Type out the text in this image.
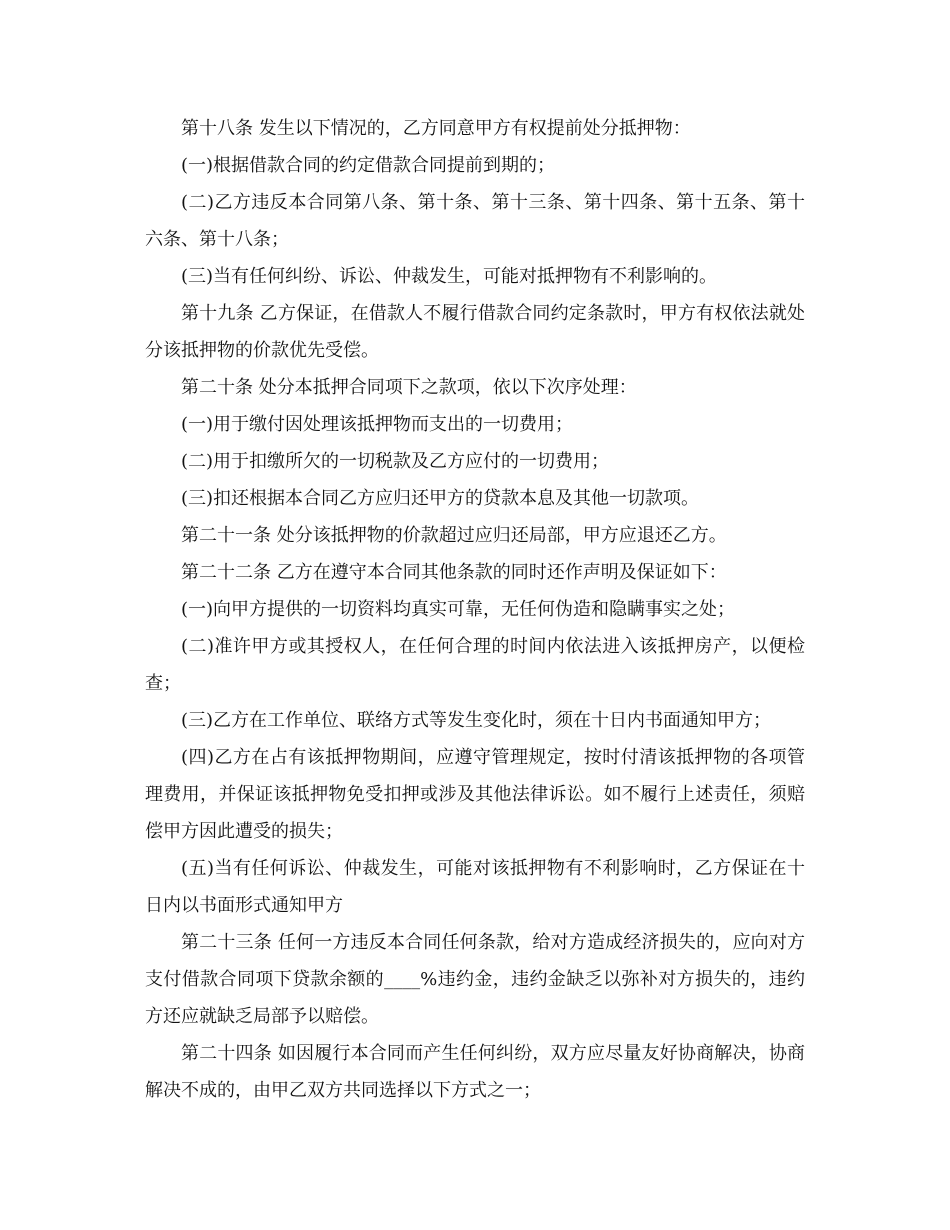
第十八条 发生以下情况的，乙方同意甲方有权提前处分抵押物：

(一)根据借款合同的约定借款合同提前到期的；

(二)乙方违反本合同第八条、第十条、第十三条、第十四条、第十五条、第十六条、第十八条；

(三)当有任何纠纷、诉讼、仲裁发生，可能对抵押物有不利影响的。

第十九条 乙方保证，在借款人不履行借款合同约定条款时，甲方有权依法就处分该抵押物的价款优先受偿。

第二十条 处分本抵押合同项下之款项，依以下次序处理：

(一)用于缴付因处理该抵押物而支出的一切费用；

(二)用于扣缴所欠的一切税款及乙方应付的一切费用；

(三)扣还根据本合同乙方应归还甲方的贷款本息及其他一切款项。

第二十一条 处分该抵押物的价款超过应归还局部，甲方应退还乙方。

第二十二条 乙方在遵守本合同其他条款的同时还作声明及保证如下：

(一)向甲方提供的一切资料均真实可靠，无任何伪造和隐瞒事实之处；

(二)准许甲方或其授权人，在任何合理的时间内依法进入该抵押房产，以便检查；

(三)乙方在工作单位、联络方式等发生变化时，须在十日内书面通知甲方；

(四)乙方在占有该抵押物期间，应遵守管理规定，按时付清该抵押物的各项管理费用，并保证该抵押物免受扣押或涉及其他法律诉讼。如不履行上述责任，须赔偿甲方因此遭受的损失；

(五)当有任何诉讼、仲裁发生，可能对该抵押物有不利影响时，乙方保证在十日内以书面形式通知甲方

第二十三条 任何一方违反本合同任何条款，给对方造成经济损失的，应向对方支付借款合同项下贷款余额的____%违约金，违约金缺乏以弥补对方损失的，违约方还应就缺乏局部予以赔偿。

第二十四条 如因履行本合同而产生任何纠纷，双方应尽量友好协商解决，协商解决不成的，由甲乙双方共同选择以下方式之一；
